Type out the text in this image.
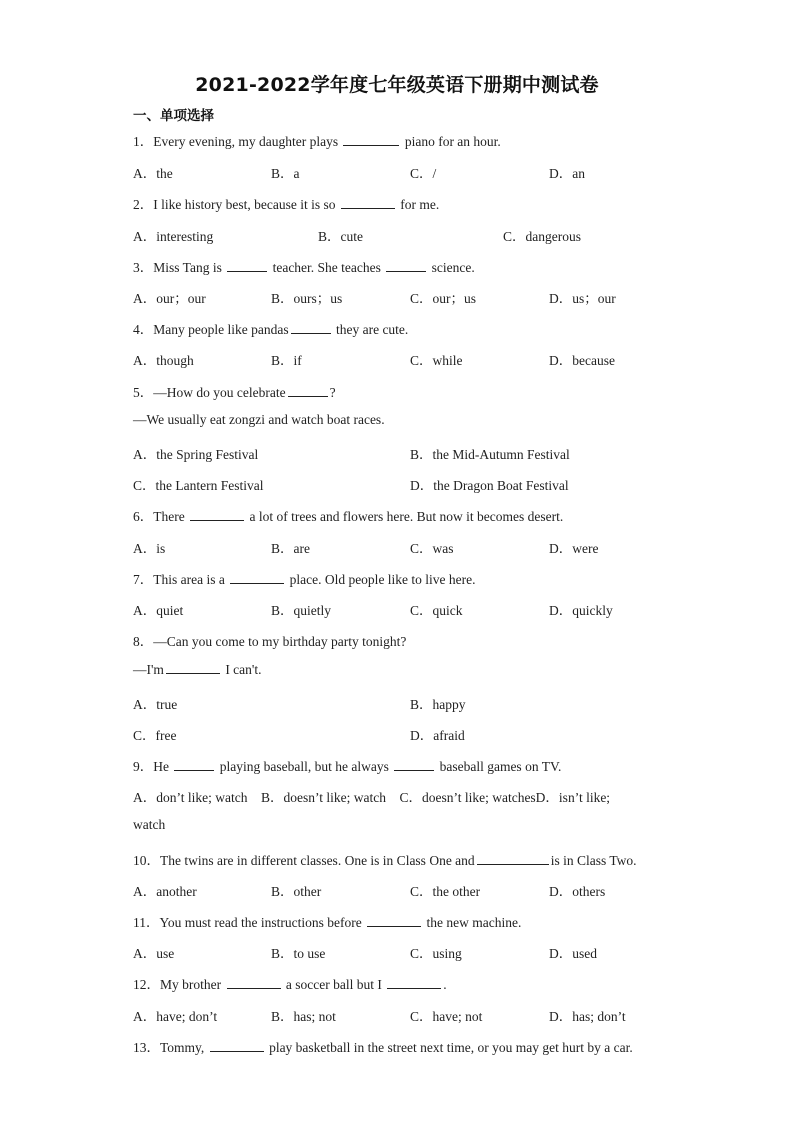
2021-2022学年度七年级英语下册期中测试卷
一、单项选择
1．Every evening, my daughter plays	piano for an hour.
A．the	B．a	C．/	D．an
2．I like history best, because it is so	for me.
A．interesting	B．cute	C．dangerous
3．Miss Tang is	teacher. She teaches	science.
A．our；our	B．ours；us	C．our；us	D．us；our
4．Many people like pandas	they are cute.
A．though	B．if	C．while	D．because
5．—How do you celebrate	?
—We usually eat zongzi and watch boat races.
A．the Spring Festival	B．the Mid-Autumn Festival
C．the Lantern Festival	D．the Dragon Boat Festival
6．There	a lot of trees and flowers here. But now it becomes desert.
A．is	B．are	C．was	D．were
7．This area is a	place. Old people like to live here.
A．quiet	B．quietly	C．quick	D．quickly
8．—Can you come to my birthday party tonight?
—I'm	I can't.
A．true	B．happy
C．free	D．afraid
9．He	playing baseball, but he always	baseball games on TV.
A．don’t like; watch　B．doesn’t like; watch　C．doesn’t like; watchesD．isn’t like;
watch
10．The twins are in different classes. One is in Class One and	is in Class Two.
A．another	B．other	C．the other	D．others
11．You must read the instructions before	the new machine.
A．use	B．to use	C．using	D．used
12．My brother	a soccer ball but I	.
A．have; don’t	B．has; not	C．have; not	D．has; don’t
13．Tommy,	play basketball in the street next time, or you may get hurt by a car.
